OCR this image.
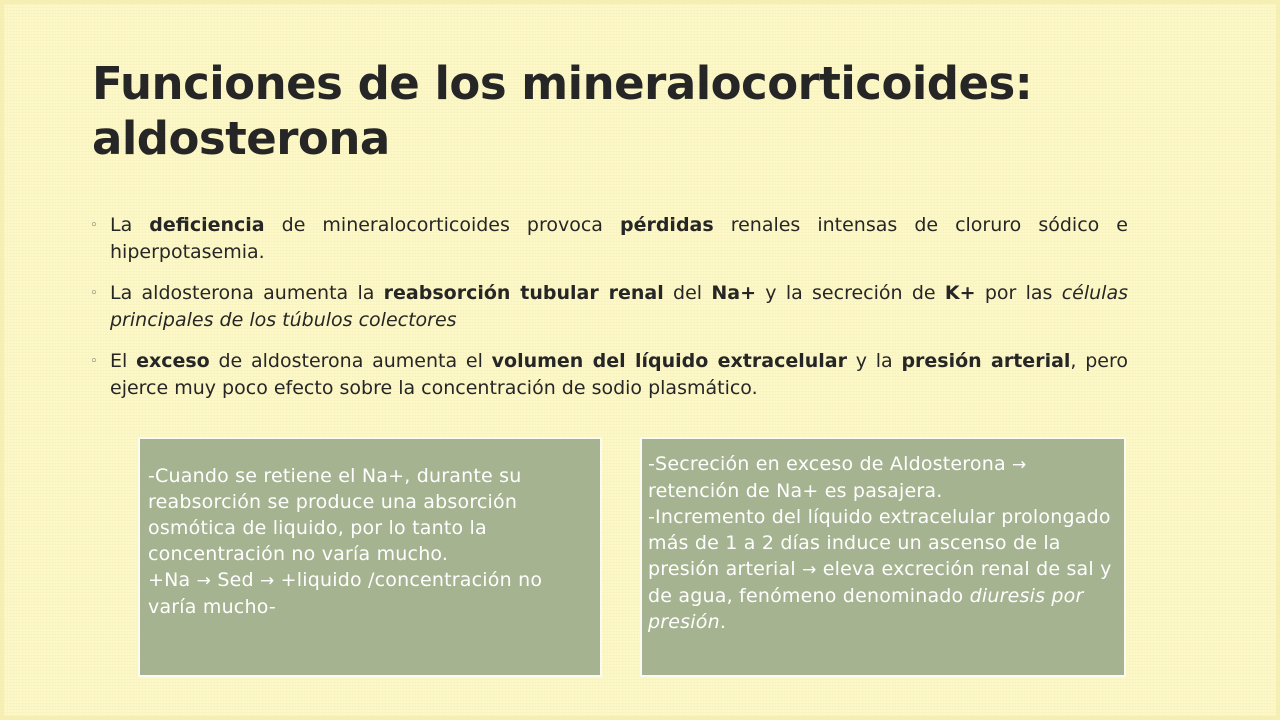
Funciones de los mineralocorticoides: aldosterona
◦ La deficiencia de mineralocorticoides provoca pérdidas renales intensas de cloruro sódico e hiperpotasemia.
◦ La aldosterona aumenta la reabsorción tubular renal del Na+ y la secreción de K+ por las células principales de los túbulos colectores
◦ El exceso de aldosterona aumenta el volumen del líquido extracelular y la presión arterial, pero ejerce muy poco efecto sobre la concentración de sodio plasmático.
-Cuando se retiene el Na+, durante su reabsorción se produce una absorción osmótica de liquido, por lo tanto la concentración no varía mucho.
+Na → Sed → +liquido /concentración no varía mucho-
-Secreción en exceso de Aldosterona → retención de Na+ es pasajera.
-Incremento del líquido extracelular prolongado más de 1 a 2 días induce un ascenso de la presión arterial → eleva excreción renal de sal y de agua, fenómeno denominado diuresis por presión.
